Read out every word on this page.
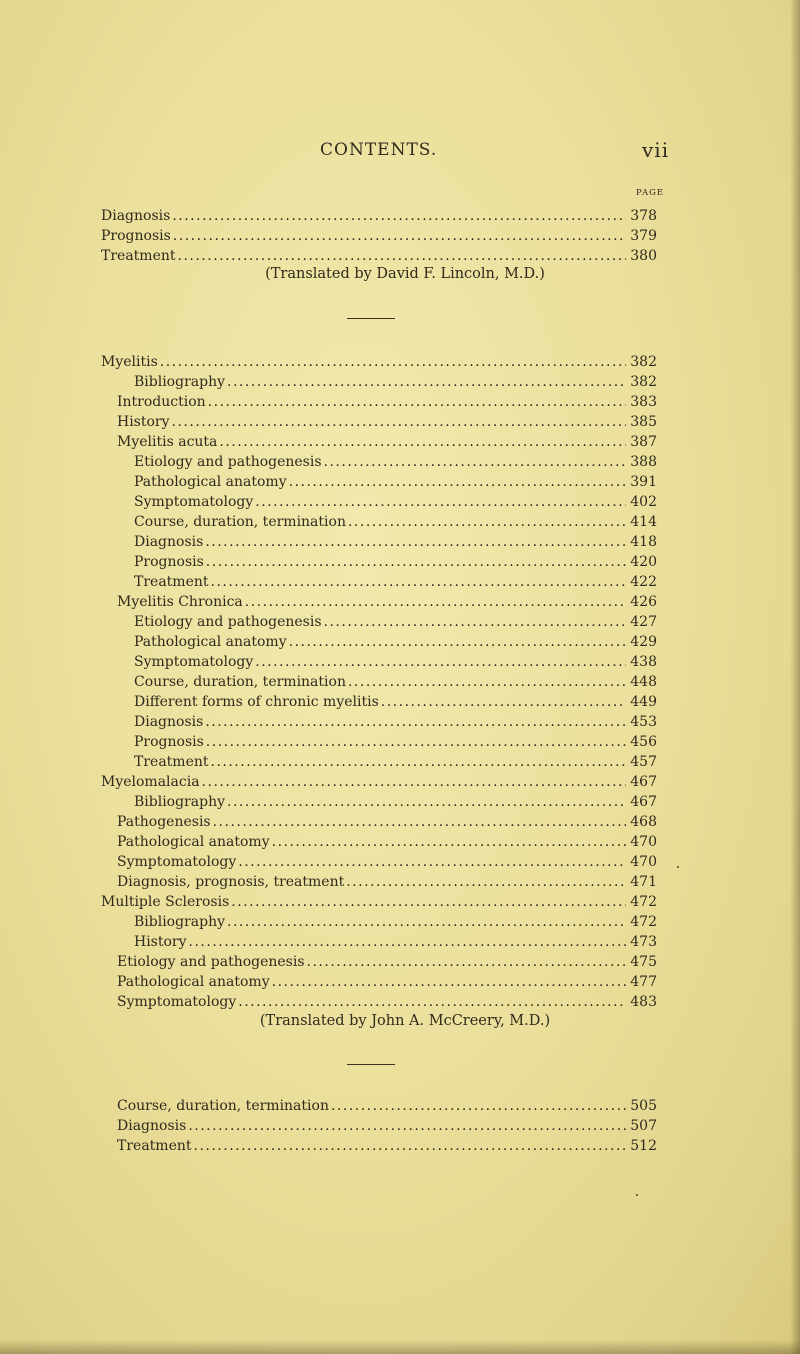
CONTENTS.	vii
PAGE
Diagnosis .....	378
Prognosis .....	379
Treatment .....	380
(Translated by David F. Lincoln, M.D.)
Myelitis .....	382
Bibliography .....	382
Introduction .....	383
History .....	385
Myelitis acuta .....	387
Etiology and pathogenesis .....	388
Pathological anatomy .....	391
Symptomatology .....	402
Course, duration, termination .....	414
Diagnosis .....	418
Prognosis .....	420
Treatment .....	422
Myelitis Chronica .....	426
Etiology and pathogenesis .....	427
Pathological anatomy .....	429
Symptomatology .....	438
Course, duration, termination .....	448
Different forms of chronic myelitis .....	449
Diagnosis .....	453
Prognosis .....	456
Treatment .....	457
Myelomalacia .....	467
Bibliography .....	467
Pathogenesis .....	468
Pathological anatomy .....	470
Symptomatology .....	470
Diagnosis, prognosis, treatment .....	471
Multiple Sclerosis .....	472
Bibliography .....	472
History .....	473
Etiology and pathogenesis .....	475
Pathological anatomy .....	477
Symptomatology .....	483
(Translated by John A. McCreery, M.D.)
Course, duration, termination .....	505
Diagnosis .....	507
Treatment .....	512
